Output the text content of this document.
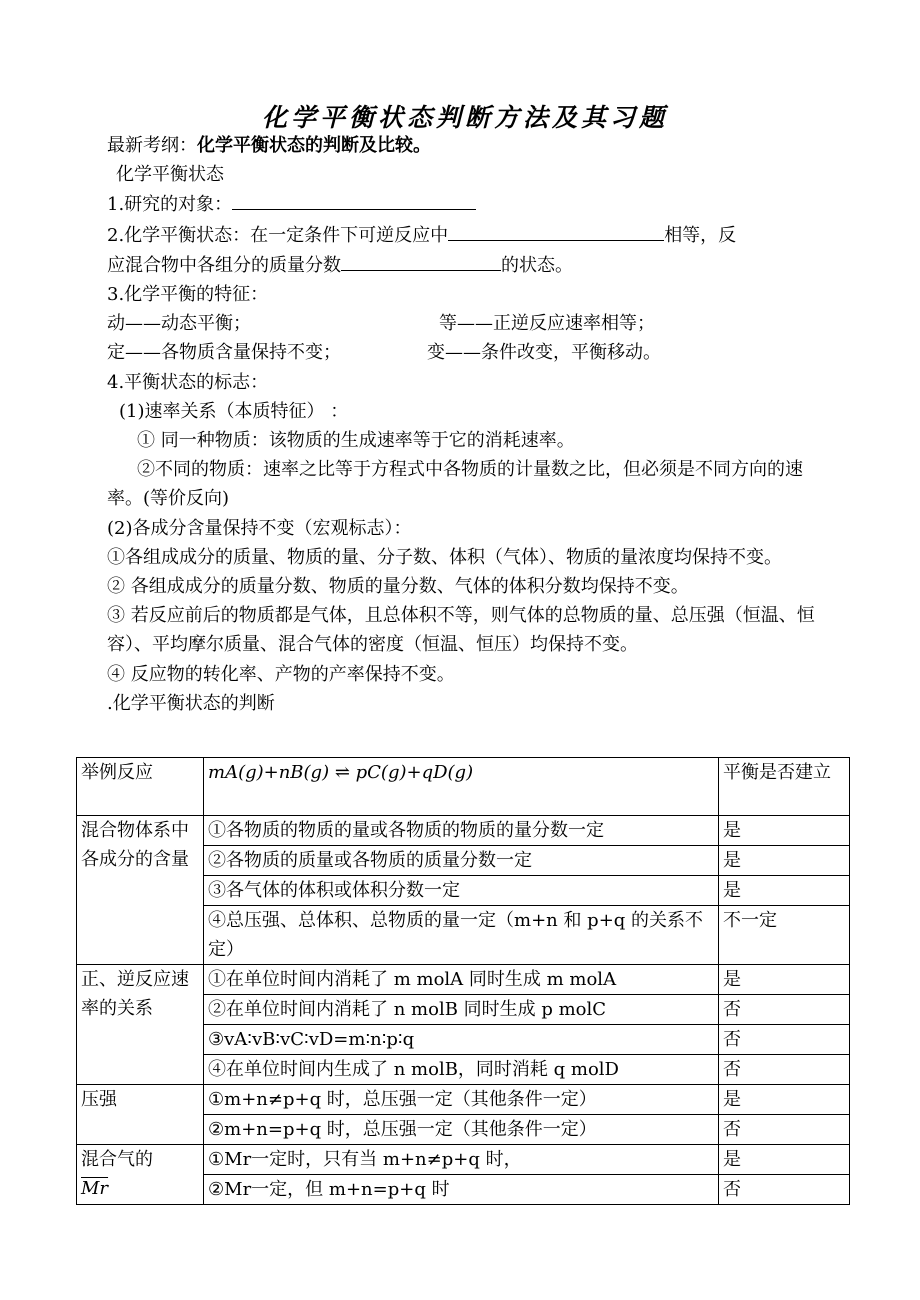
化学平衡状态判断方法及其习题
最新考纲：化学平衡状态的判断及比较。
化学平衡状态
1.研究的对象：
2.化学平衡状态：在一定条件下可逆反应中	相等，反
应混合物中各组分的质量分数	的状态。
3.化学平衡的特征：
动——动态平衡；	等——正逆反应速率相等；
定——各物质含量保持不变；	变——条件改变，平衡移动。
4.平衡状态的标志：
(1)速率关系（本质特征） ：
① 同一种物质：该物质的生成速率等于它的消耗速率。
②不同的物质：速率之比等于方程式中各物质的计量数之比，但必须是不同方向的速率。(等价反向)
(2)各成分含量保持不变（宏观标志）：
①各组成成分的质量、物质的量、分子数、体积（气体）、物质的量浓度均保持不变。
② 各组成成分的质量分数、物质的量分数、气体的体积分数均保持不变。
③ 若反应前后的物质都是气体，且总体积不等，则气体的总物质的量、总压强（恒温、恒容）、平均摩尔质量、混合气体的密度（恒温、恒压）均保持不变。
④ 反应物的转化率、产物的产率保持不变。
.化学平衡状态的判断
举例反应	mA(g)+nB(g) ⇌ pC(g)+qD(g)	平衡是否建立
混合物体系中各成分的含量	①各物质的物质的量或各物质的物质的量分数一定	是
	②各物质的质量或各物质的质量分数一定	是
	③各气体的体积或体积分数一定	是
	④总压强、总体积、总物质的量一定（m+n 和 p+q 的关系不定）	不一定
正、逆反应速率的关系	①在单位时间内消耗了 m molA 同时生成 m molA	是
	②在单位时间内消耗了 n molB 同时生成 p molC	否
	③vA∶vB∶vC∶vD=m∶n∶p∶q	否
	④在单位时间内生成了 n molB，同时消耗 q molD	否
压强	①m+n≠p+q 时，总压强一定（其他条件一定）	是
	②m+n=p+q 时，总压强一定（其他条件一定）	否
混合气的
$\overline{Mr}$	①Mr一定时，只有当 m+n≠p+q 时，	是
	②Mr一定，但 m+n=p+q 时	否
